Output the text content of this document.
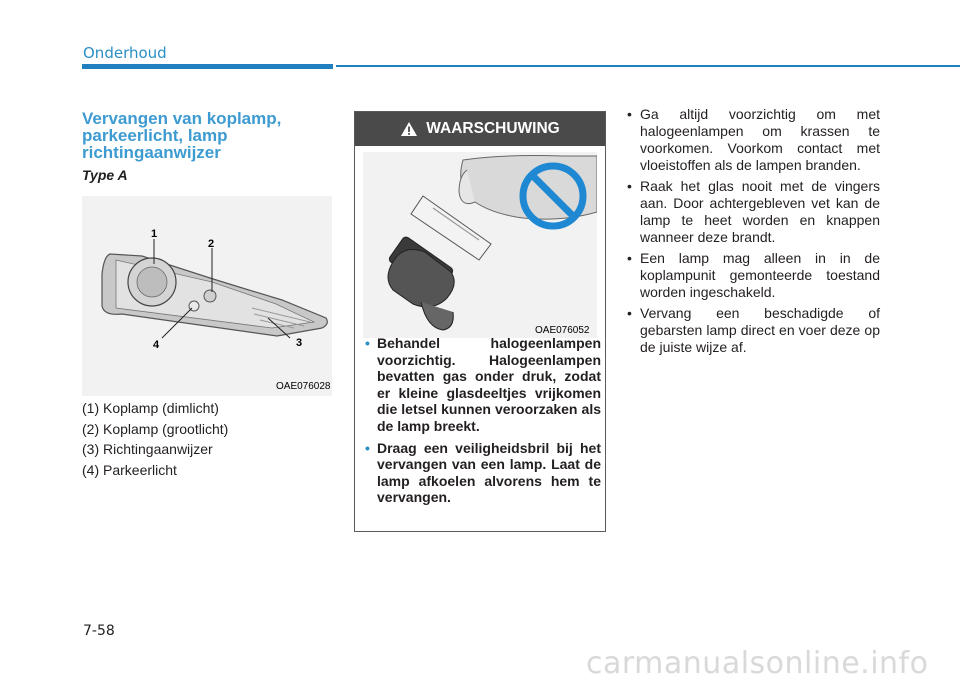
Onderhoud
Vervangen van koplamp,
parkeerlicht, lamp
richtingaanwijzer
Type A
1
2
3
4
OAE076028
(1) Koplamp (dimlicht)
(2) Koplamp (grootlicht)
(3) Richtingaanwijzer
(4) Parkeerlicht
WAARSCHUWING
OAE076052
• Behandel halogeenlampen voorzichtig. Halogeenlampen bevatten gas onder druk, zodat er kleine glasdeeltjes vrijkomen die letsel kunnen veroorzaken als de lamp breekt.
• Draag een veiligheidsbril bij het vervangen van een lamp. Laat de lamp afkoelen alvorens hem te vervangen.
• Ga altijd voorzichtig om met halogeenlampen om krassen te voorkomen. Voorkom contact met vloeistoffen als de lampen branden.
• Raak het glas nooit met de vingers aan. Door achtergebleven vet kan de lamp te heet worden en knappen wanneer deze brandt.
• Een lamp mag alleen in in de koplampunit gemonteerde toestand worden ingeschakeld.
• Vervang een beschadigde of gebarsten lamp direct en voer deze op de juiste wijze af.
7-58
carmanualsonline.info
